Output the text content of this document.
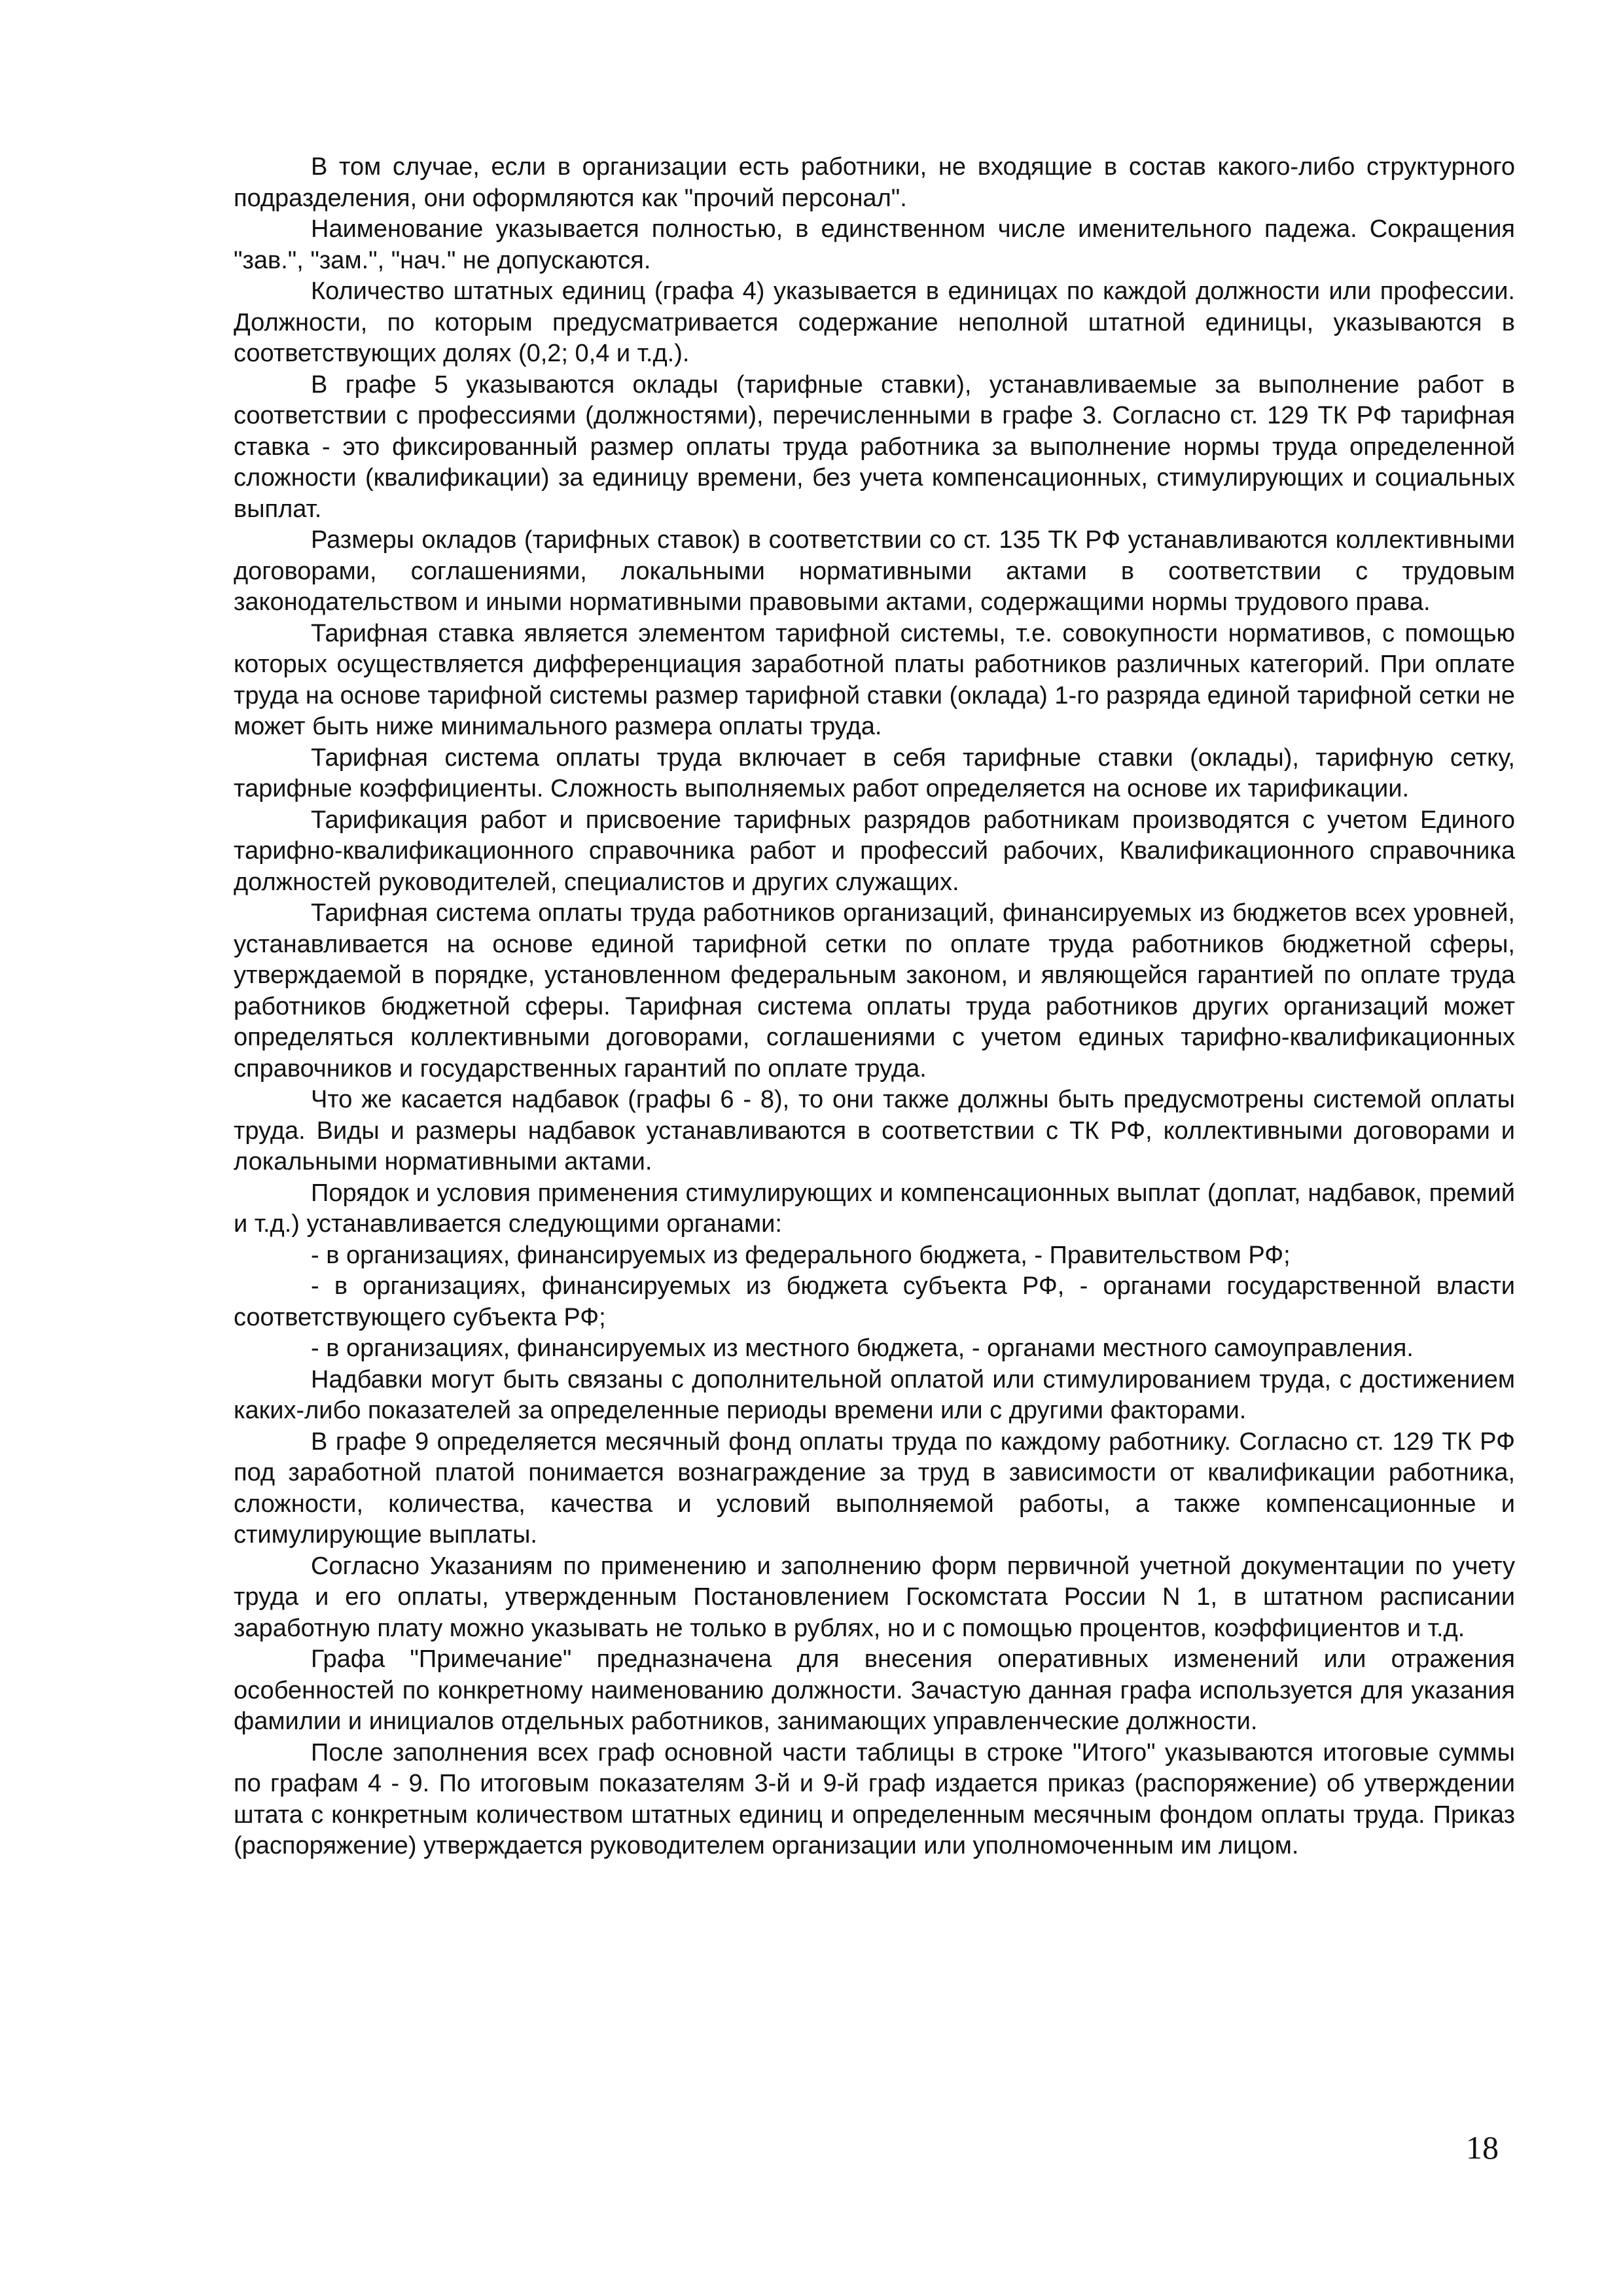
В том случае, если в организации есть работники, не входящие в состав какого-либо структурного подразделения, они оформляются как "прочий персонал".

Наименование указывается полностью, в единственном числе именительного падежа. Сокращения "зав.", "зам.", "нач." не допускаются.

Количество штатных единиц (графа 4) указывается в единицах по каждой должности или профессии. Должности, по которым предусматривается содержание неполной штатной единицы, указываются в соответствующих долях (0,2; 0,4 и т.д.).

В графе 5 указываются оклады (тарифные ставки), устанавливаемые за выполнение работ в соответствии с профессиями (должностями), перечисленными в графе 3. Согласно ст. 129 ТК РФ тарифная ставка - это фиксированный размер оплаты труда работника за выполнение нормы труда определенной сложности (квалификации) за единицу времени, без учета компенсационных, стимулирующих и социальных выплат.

Размеры окладов (тарифных ставок) в соответствии со ст. 135 ТК РФ устанавливаются коллективными договорами, соглашениями, локальными нормативными актами в соответствии с трудовым законодательством и иными нормативными правовыми актами, содержащими нормы трудового права.

Тарифная ставка является элементом тарифной системы, т.е. совокупности нормативов, с помощью которых осуществляется дифференциация заработной платы работников различных категорий. При оплате труда на основе тарифной системы размер тарифной ставки (оклада) 1-го разряда единой тарифной сетки не может быть ниже минимального размера оплаты труда.

Тарифная система оплаты труда включает в себя тарифные ставки (оклады), тарифную сетку, тарифные коэффициенты. Сложность выполняемых работ определяется на основе их тарификации.

Тарификация работ и присвоение тарифных разрядов работникам производятся с учетом Единого тарифно-квалификационного справочника работ и профессий рабочих, Квалификационного справочника должностей руководителей, специалистов и других служащих.

Тарифная система оплаты труда работников организаций, финансируемых из бюджетов всех уровней, устанавливается на основе единой тарифной сетки по оплате труда работников бюджетной сферы, утверждаемой в порядке, установленном федеральным законом, и являющейся гарантией по оплате труда работников бюджетной сферы. Тарифная система оплаты труда работников других организаций может определяться коллективными договорами, соглашениями с учетом единых тарифно-квалификационных справочников и государственных гарантий по оплате труда.

Что же касается надбавок (графы 6 - 8), то они также должны быть предусмотрены системой оплаты труда. Виды и размеры надбавок устанавливаются в соответствии с ТК РФ, коллективными договорами и локальными нормативными актами.

Порядок и условия применения стимулирующих и компенсационных выплат (доплат, надбавок, премий и т.д.) устанавливается следующими органами:

- в организациях, финансируемых из федерального бюджета, - Правительством РФ;

- в организациях, финансируемых из бюджета субъекта РФ, - органами государственной власти соответствующего субъекта РФ;

- в организациях, финансируемых из местного бюджета, - органами местного самоуправления.

Надбавки могут быть связаны с дополнительной оплатой или стимулированием труда, с достижением каких-либо показателей за определенные периоды времени или с другими факторами.

В графе 9 определяется месячный фонд оплаты труда по каждому работнику. Согласно ст. 129 ТК РФ под заработной платой понимается вознаграждение за труд в зависимости от квалификации работника, сложности, количества, качества и условий выполняемой работы, а также компенсационные и стимулирующие выплаты.

Согласно Указаниям по применению и заполнению форм первичной учетной документации по учету труда и его оплаты, утвержденным Постановлением Госкомстата России N 1, в штатном расписании заработную плату можно указывать не только в рублях, но и с помощью процентов, коэффициентов и т.д.

Графа "Примечание" предназначена для внесения оперативных изменений или отражения особенностей по конкретному наименованию должности. Зачастую данная графа используется для указания фамилии и инициалов отдельных работников, занимающих управленческие должности.

После заполнения всех граф основной части таблицы в строке "Итого" указываются итоговые суммы по графам 4 - 9. По итоговым показателям 3-й и 9-й граф издается приказ (распоряжение) об утверждении штата с конкретным количеством штатных единиц и определенным месячным фондом оплаты труда. Приказ (распоряжение) утверждается руководителем организации или уполномоченным им лицом.

18
